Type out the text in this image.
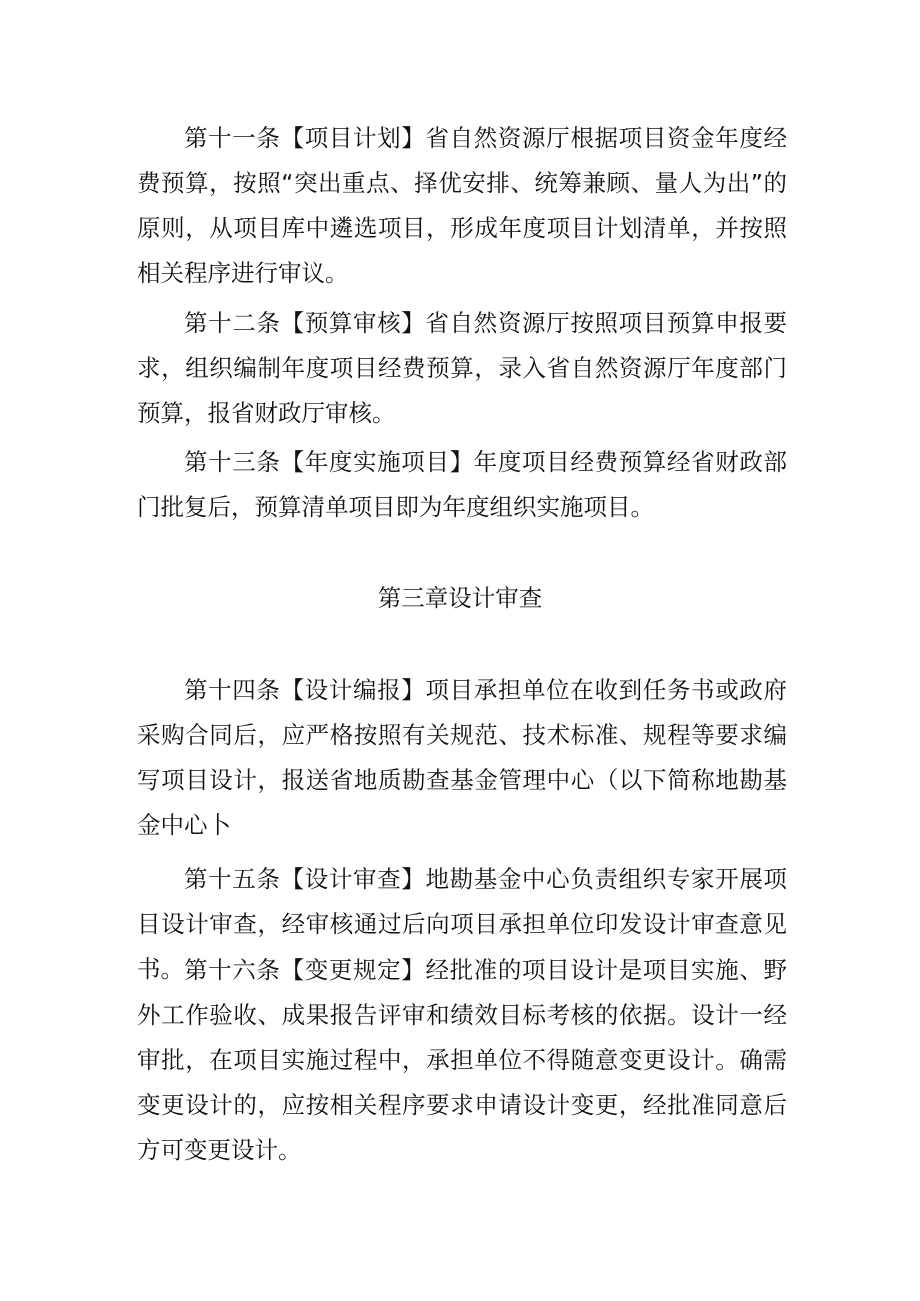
第十一条【项目计划】省自然资源厅根据项目资金年度经费预算，按照“突出重点、择优安排、统筹兼顾、量人为出”的原则，从项目库中遴选项目，形成年度项目计划清单，并按照相关程序进行审议。

第十二条【预算审核】省自然资源厅按照项目预算申报要求，组织编制年度项目经费预算，录入省自然资源厅年度部门预算，报省财政厅审核。

第十三条【年度实施项目】年度项目经费预算经省财政部门批复后，预算清单项目即为年度组织实施项目。

第三章设计审查

第十四条【设计编报】项目承担单位在收到任务书或政府采购合同后，应严格按照有关规范、技术标准、规程等要求编写项目设计，报送省地质勘查基金管理中心（以下简称地勘基金中心卜

第十五条【设计审查】地勘基金中心负责组织专家开展项目设计审查，经审核通过后向项目承担单位印发设计审查意见书。 第十六条【变更规定】经批准的项目设计是项目实施、野外工作验收、成果报告评审和绩效目标考核的依据。设计一经审批，在项目实施过程中，承担单位不得随意变更设计。确需变更设计的，应按相关程序要求申请设计变更，经批准同意后方可变更设计。
